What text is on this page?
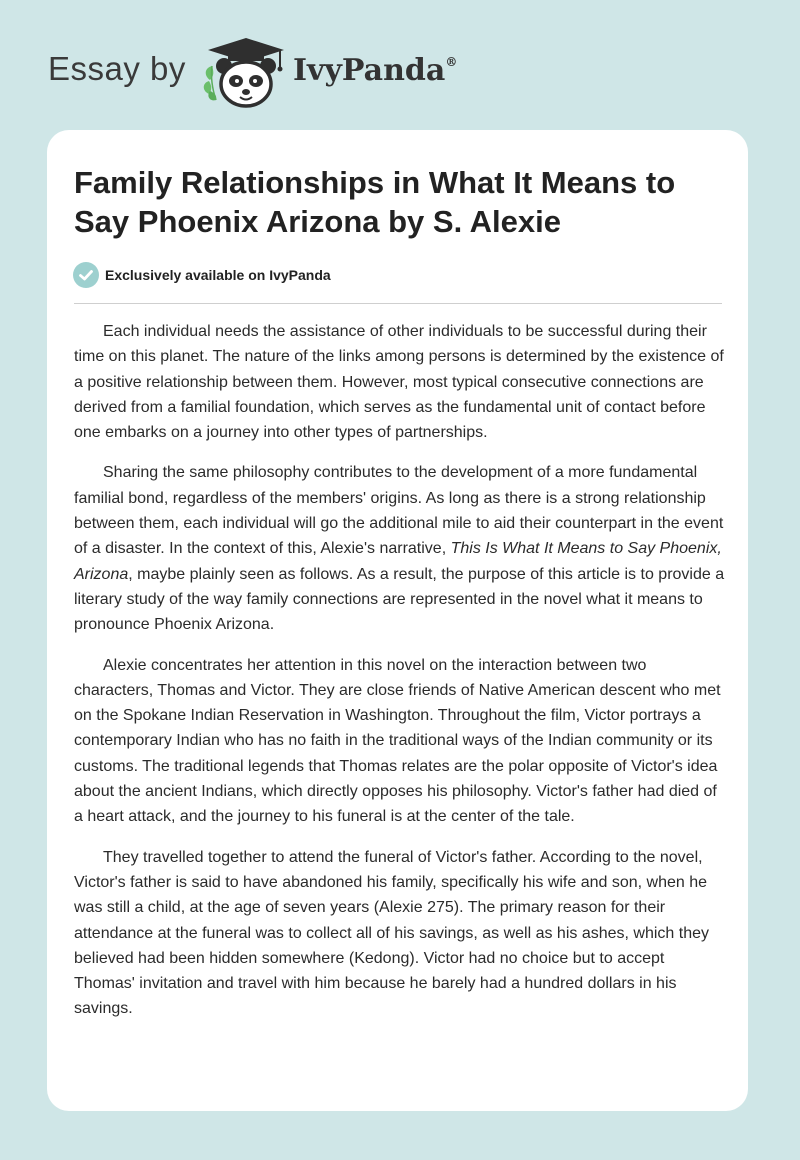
Essay by	IvyPanda®
Family Relationships in What It Means to Say Phoenix Arizona by S. Alexie
Exclusively available on IvyPanda

Each individual needs the assistance of other individuals to be successful during their time on this planet. The nature of the links among persons is determined by the existence of a positive relationship between them. However, most typical consecutive connections are derived from a familial foundation, which serves as the fundamental unit of contact before one embarks on a journey into other types of partnerships.

Sharing the same philosophy contributes to the development of a more fundamental familial bond, regardless of the members' origins. As long as there is a strong relationship between them, each individual will go the additional mile to aid their counterpart in the event of a disaster. In the context of this, Alexie's narrative, This Is What It Means to Say Phoenix, Arizona, maybe plainly seen as follows. As a result, the purpose of this article is to provide a literary study of the way family connections are represented in the novel what it means to pronounce Phoenix Arizona.

Alexie concentrates her attention in this novel on the interaction between two characters, Thomas and Victor. They are close friends of Native American descent who met on the Spokane Indian Reservation in Washington. Throughout the film, Victor portrays a contemporary Indian who has no faith in the traditional ways of the Indian community or its customs. The traditional legends that Thomas relates are the polar opposite of Victor's idea about the ancient Indians, which directly opposes his philosophy. Victor's father had died of a heart attack, and the journey to his funeral is at the center of the tale.

They travelled together to attend the funeral of Victor's father. According to the novel, Victor's father is said to have abandoned his family, specifically his wife and son, when he was still a child, at the age of seven years (Alexie 275). The primary reason for their attendance at the funeral was to collect all of his savings, as well as his ashes, which they believed had been hidden somewhere (Kedong). Victor had no choice but to accept Thomas' invitation and travel with him because he barely had a hundred dollars in his savings.
